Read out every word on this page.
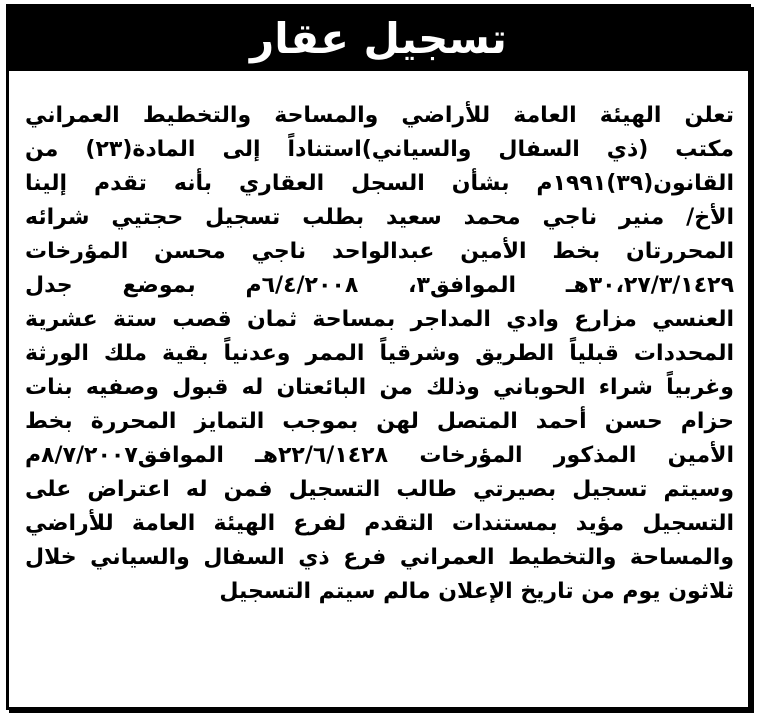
تسجيل عقار
تعلن الهيئة العامة للأراضي والمساحة والتخطيط العمراني
مكتب (ذي السفال والسياني)استناداً إلى المادة(٢٣) من
القانون(٣٩)١٩٩١م بشأن السجل العقاري بأنه تقدم إلينا
الأخ/ منير ناجي محمد سعيد بطلب تسجيل حجتيي شرائه
المحررتان بخط الأمين عبدالواحد ناجي محسن المؤرخات
٣٠،٢٧/٣/١٤٢٩هـ الموافق٣، ٦/٤/٢٠٠٨م بموضع جدل
العنسي مزارع وادي المداجر بمساحة ثمان قصب ستة عشرية
المحددات قبلياً الطريق وشرقياً الممر وعدنياً بقية ملك الورثة
وغربياً شراء الحوباني وذلك من البائعتان له قبول وصفيه بنات
حزام حسن أحمد المتصل لهن بموجب التمايز المحررة بخط
الأمين المذكور المؤرخات ٢٢/٦/١٤٢٨هـ الموافق٨/٧/٢٠٠٧م
وسيتم تسجيل بصيرتي طالب التسجيل فمن له اعتراض على
التسجيل مؤيد بمستندات التقدم لفرع الهيئة العامة للأراضي
والمساحة والتخطيط العمراني فرع ذي السفال والسياني خلال
ثلاثون يوم من تاريخ الإعلان مالم سيتم التسجيل
